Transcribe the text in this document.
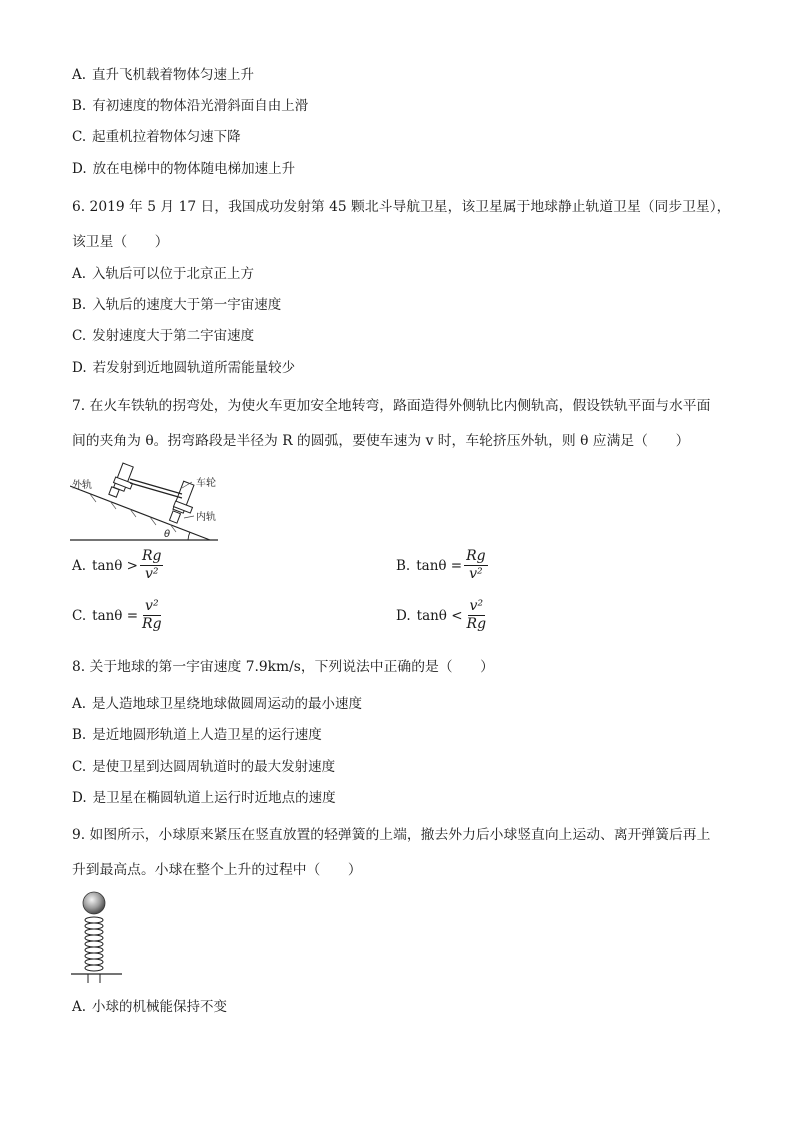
A. 直升飞机载着物体匀速上升
B. 有初速度的物体沿光滑斜面自由上滑
C. 起重机拉着物体匀速下降
D. 放在电梯中的物体随电梯加速上升
6. 2019 年 5 月 17 日，我国成功发射第 45 颗北斗导航卫星，该卫星属于地球静止轨道卫星（同步卫星），
该卫星（　　）
A. 入轨后可以位于北京正上方
B. 入轨后的速度大于第一宇宙速度
C. 发射速度大于第二宇宙速度
D. 若发射到近地圆轨道所需能量较少
7. 在火车铁轨的拐弯处，为使火车更加安全地转弯，路面造得外侧轨比内侧轨高，假设铁轨平面与水平面
间的夹角为 θ。拐弯路段是半径为 R 的圆弧，要使车速为 v 时，车轮挤压外轨，则 θ 应满足（　　）
外轨	车轮
内轨
θ
A. $\tan\theta > \frac{Rg}{\text{v²}}$	B. $\tan\theta = \frac{Rg}{\text{v²}}$
C. $\tan\theta = \frac{\text{v²}}{Rg}$	D. $\tan\theta < \frac{\text{v²}}{Rg}$
8. 关于地球的第一宇宙速度 7.9km/s，下列说法中正确的是（　　）
A. 是人造地球卫星绕地球做圆周运动的最小速度
B. 是近地圆形轨道上人造卫星的运行速度
C. 是使卫星到达圆周轨道时的最大发射速度
D. 是卫星在椭圆轨道上运行时近地点的速度
9. 如图所示，小球原来紧压在竖直放置的轻弹簧的上端，撤去外力后小球竖直向上运动、离开弹簧后再上
升到最高点。小球在整个上升的过程中（　　）
A. 小球的机械能保持不变
